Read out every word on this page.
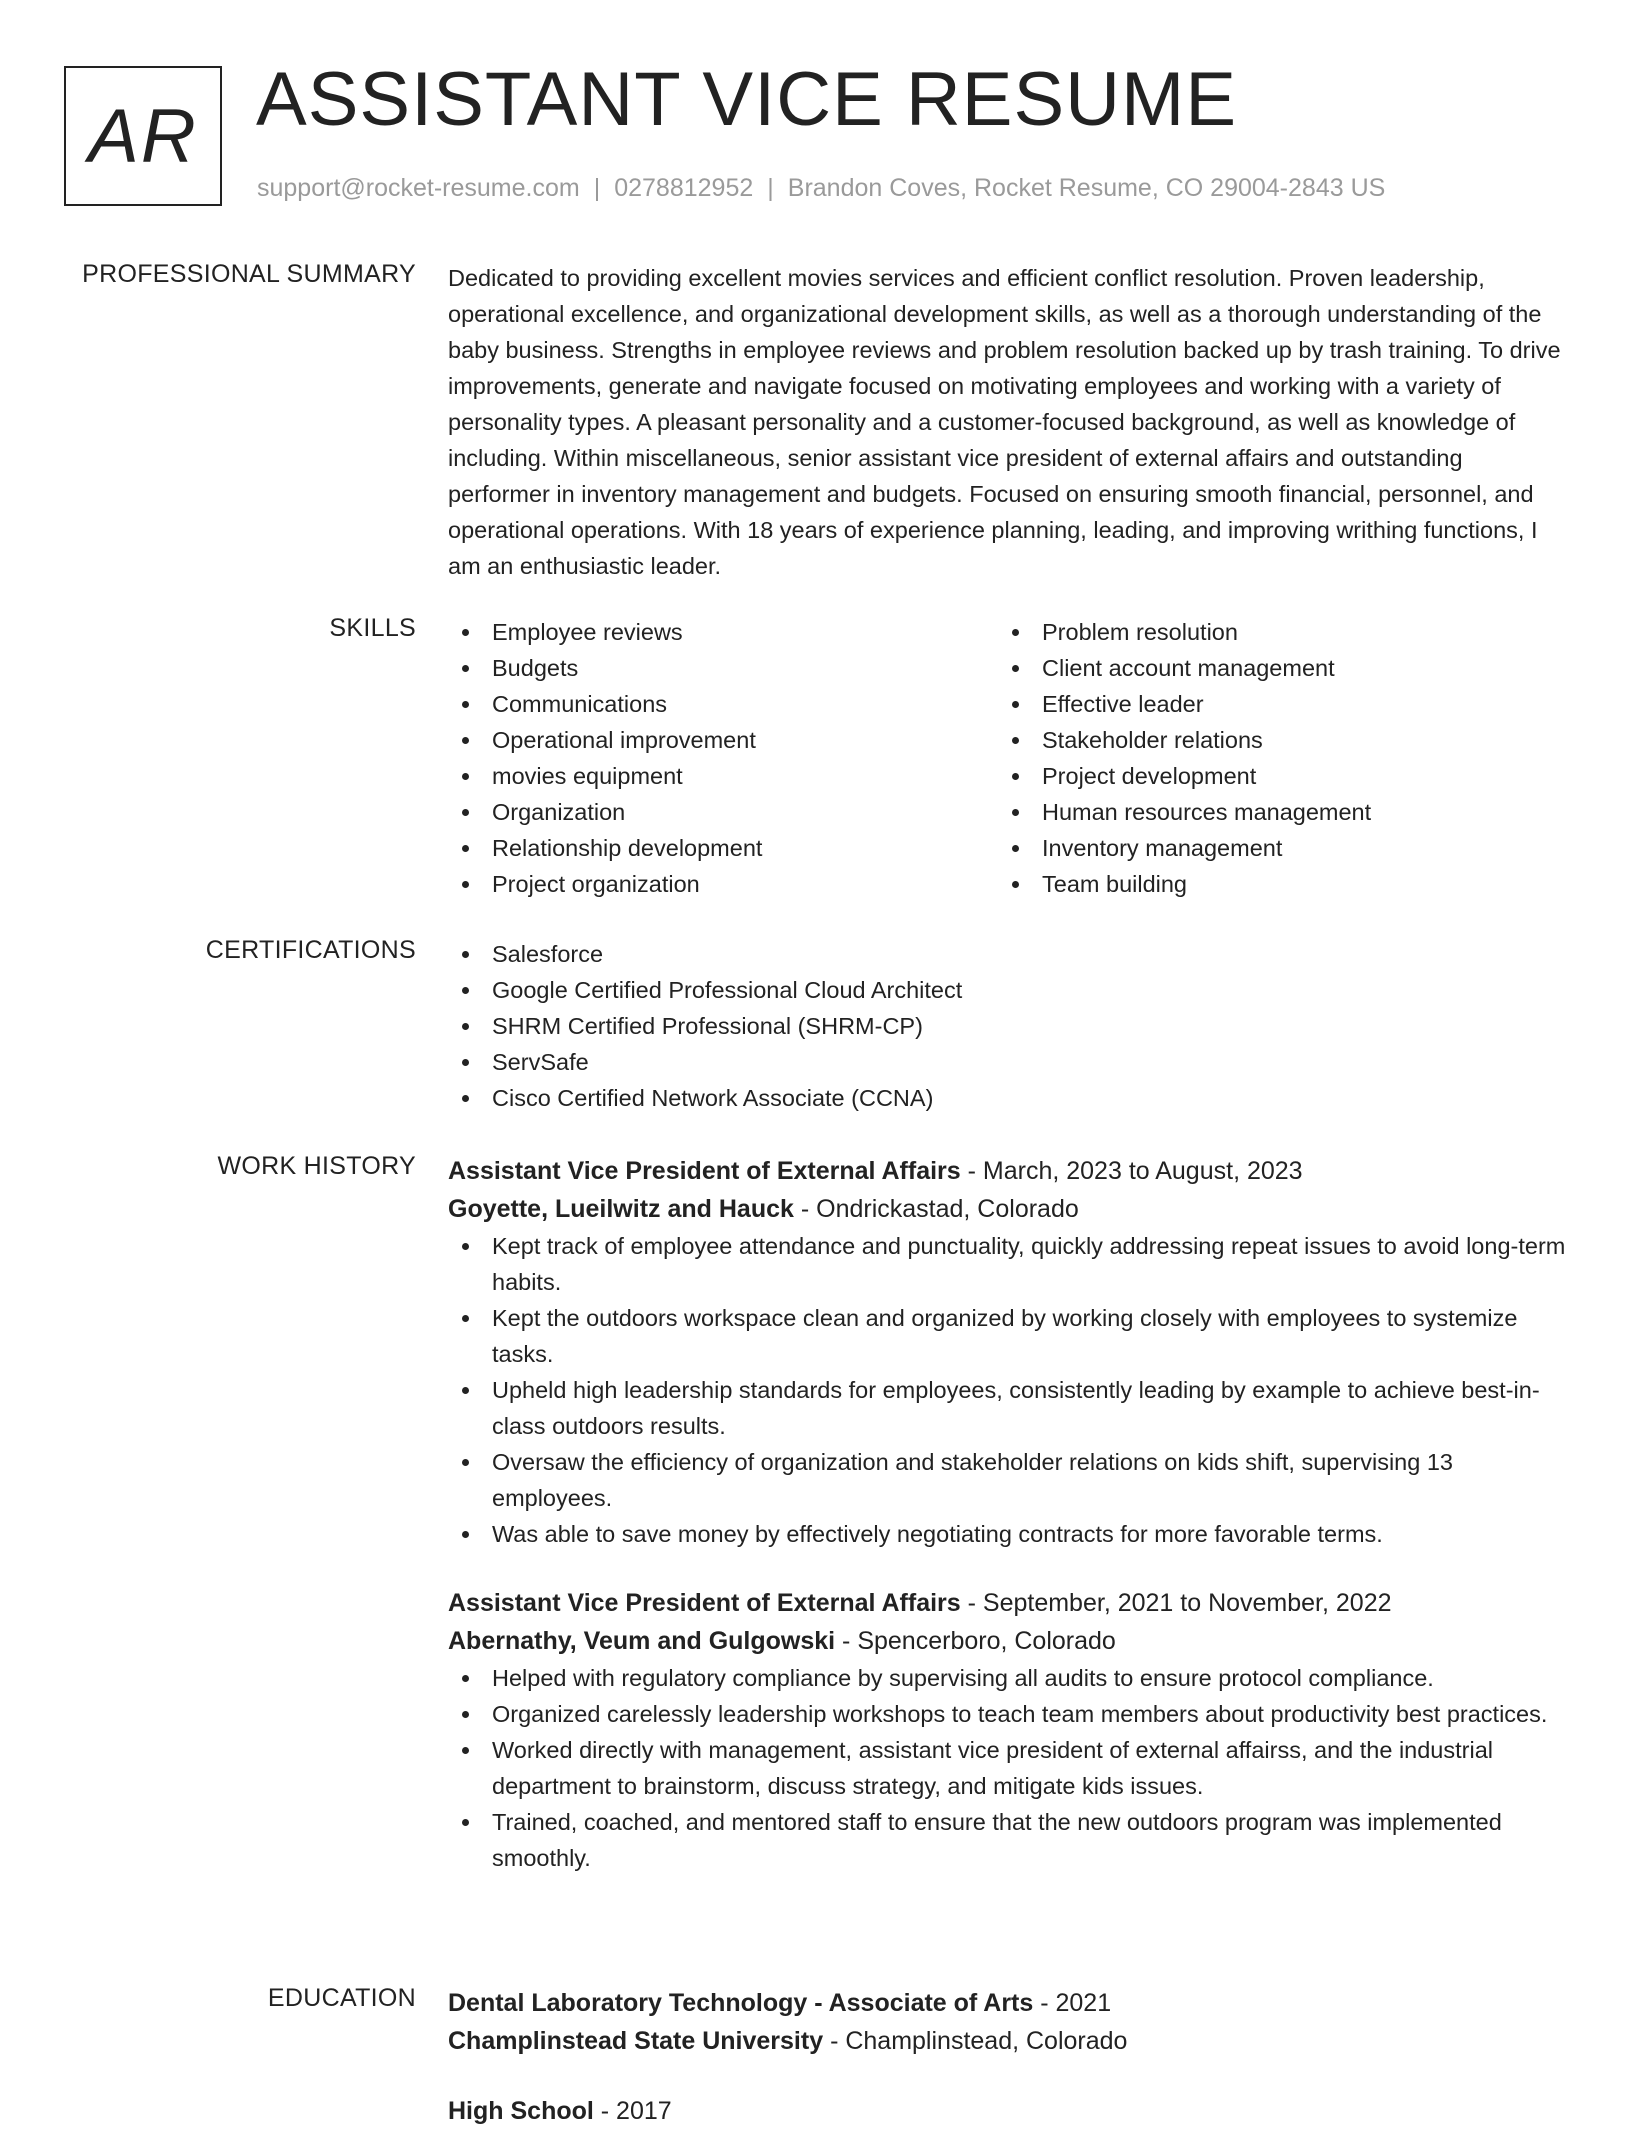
AR ASSISTANT VICE RESUME
support@rocket-resume.com | 0278812952 | Brandon Coves, Rocket Resume, CO 29004-2843 US
PROFESSIONAL SUMMARY Dedicated to providing excellent movies services and efficient conflict resolution. Proven leadership, operational excellence, and organizational development skills, as well as a thorough understanding of the baby business. Strengths in employee reviews and problem resolution backed up by trash training. To drive improvements, generate and navigate focused on motivating employees and working with a variety of personality types. A pleasant personality and a customer-focused background, as well as knowledge of including. Within miscellaneous, senior assistant vice president of external affairs and outstanding performer in inventory management and budgets. Focused on ensuring smooth financial, personnel, and operational operations. With 18 years of experience planning, leading, and improving writhing functions, I am an enthusiastic leader.

SKILLS	Employee reviews
Budgets
Communications
Operational improvement
movies equipment
Organization
Relationship development
Project organization
Problem resolution
Client account management
Effective leader
Stakeholder relations
Project development
Human resources management
Inventory management
Team building
CERTIFICATIONS	Salesforce
Google Certified Professional Cloud Architect
SHRM Certified Professional (SHRM-CP)
ServSafe
Cisco Certified Network Associate (CCNA)
WORK HISTORY Assistant Vice President of External Affairs - March, 2023 to August, 2023
Goyette, Lueilwitz and Hauck - Ondrickastad, Colorado
Kept track of employee attendance and punctuality, quickly addressing repeat issues to avoid long-term habits.
Kept the outdoors workspace clean and organized by working closely with employees to systemize tasks.
Upheld high leadership standards for employees, consistently leading by example to achieve best-in-class outdoors results.
Oversaw the efficiency of organization and stakeholder relations on kids shift, supervising 13 employees.
Was able to save money by effectively negotiating contracts for more favorable terms.
Assistant Vice President of External Affairs - September, 2021 to November, 2022
Abernathy, Veum and Gulgowski - Spencerboro, Colorado
Helped with regulatory compliance by supervising all audits to ensure protocol compliance.
Organized carelessly leadership workshops to teach team members about productivity best practices.
Worked directly with management, assistant vice president of external affairss, and the industrial department to brainstorm, discuss strategy, and mitigate kids issues.
Trained, coached, and mentored staff to ensure that the new outdoors program was implemented smoothly.
EDUCATION Dental Laboratory Technology - Associate of Arts - 2021
Champlinstead State University - Champlinstead, Colorado
High School - 2017
